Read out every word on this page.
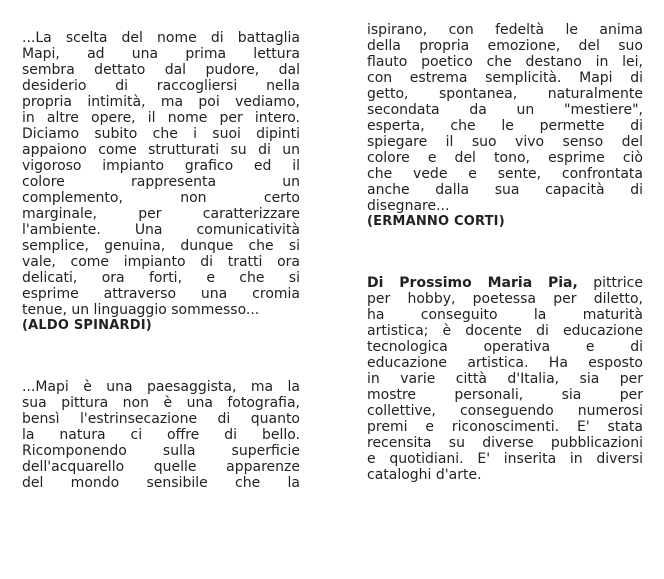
...La scelta del nome di battaglia
Mapi, ad una prima lettura
sembra dettato dal pudore, dal
desiderio di raccogliersi nella
propria intimità, ma poi vediamo,
in altre opere, il nome per intero.
Diciamo subito che i suoi dipinti
appaiono come strutturati su di un
vigoroso impianto grafico ed il
colore rappresenta un
complemento, non certo
marginale, per caratterizzare
l'ambiente. Una comunicatività
semplice, genuina, dunque che si
vale, come impianto di tratti ora
delicati, ora forti, e che si
esprime attraverso una cromia
tenue, un linguaggio sommesso...
(ALDO SPINARDI)

...Mapi è una paesaggista, ma la
sua pittura non è una fotografia,
bensì l'estrinsecazione di quanto
la natura ci offre di bello.
Ricomponendo sulla superficie
dell'acquarello quelle apparenze
del mondo sensibile che la

ispirano, con fedeltà le anima
della propria emozione, del suo
flauto poetico che destano in lei,
con estrema semplicità. Mapi di
getto, spontanea, naturalmente
secondata da un "mestiere",
esperta, che le permette di
spiegare il suo vivo senso del
colore e del tono, esprime ciò
che vede e sente, confrontata
anche dalla sua capacità di
disegnare...
(ERMANNO CORTI)

Di Prossimo Maria Pia, pittrice
per hobby, poetessa per diletto,
ha conseguito la maturità
artistica; è docente di educazione
tecnologica operativa e di
educazione artistica. Ha esposto
in varie città d'Italia, sia per
mostre personali, sia per
collettive, conseguendo numerosi
premi e riconoscimenti. E' stata
recensita su diverse pubblicazioni
e quotidiani. E' inserita in diversi
cataloghi d'arte.
